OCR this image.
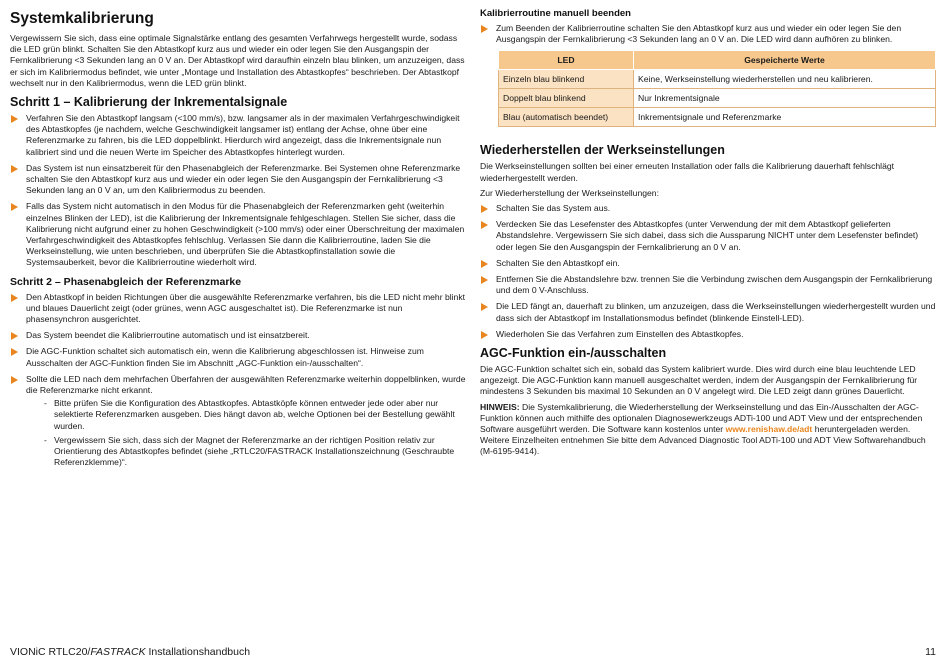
Systemkalibrierung

Vergewissern Sie sich, dass eine optimale Signalstärke entlang des gesamten Verfahrwegs hergestellt wurde, sodass die LED grün blinkt. Schalten Sie den Abtastkopf kurz aus und wieder ein oder legen Sie den Ausgangspin der Fernkalibrierung <3 Sekunden lang an 0 V an. Der Abtastkopf wird daraufhin einzeln blau blinken, um anzuzeigen, dass er sich im Kalibriermodus befindet, wie unter „Montage und Installation des Abtastkopfes“ beschrieben. Der Abtastkopf wechselt nur in den Kalibriermodus, wenn die LED grün blinkt.

Schritt 1 – Kalibrierung der Inkrementalsignale
Verfahren Sie den Abtastkopf langsam (<100 mm/s), bzw. langsamer als in der maximalen Verfahrgeschwindigkeit des Abtastkopfes (je nachdem, welche Geschwindigkeit langsamer ist) entlang der Achse, ohne über eine Referenzmarke zu fahren, bis die LED doppelblinkt. Hierdurch wird angezeigt, dass die Inkrementsignale nun kalibriert sind und die neuen Werte im Speicher des Abtastkopfes hinterlegt wurden.
Das System ist nun einsatzbereit für den Phasenabgleich der Referenzmarke. Bei Systemen ohne Referenzmarke schalten Sie den Abtastkopf kurz aus und wieder ein oder legen Sie den Ausgangspin der Fernkalibrierung <3 Sekunden lang an 0 V an, um den Kalibriermodus zu beenden.
Falls das System nicht automatisch in den Modus für die Phasenabgleich der Referenzmarken geht (weiterhin einzelnes Blinken der LED), ist die Kalibrierung der Inkrementsignale fehlgeschlagen. Stellen Sie sicher, dass die Kalibrierung nicht aufgrund einer zu hohen Geschwindigkeit (>100 mm/s) oder einer Überschreitung der maximalen Verfahrgeschwindigkeit des Abtastkopfes fehlschlug. Verlassen Sie dann die Kalibrierroutine, laden Sie die Werkseinstellung, wie unten beschrieben, und überprüfen Sie die Abtastkopfinstallation sowie die Systemsauberkeit, bevor die Kalibrierroutine wiederholt wird.
Schritt 2 – Phasenabgleich der Referenzmarke
Den Abtastkopf in beiden Richtungen über die ausgewählte Referenzmarke verfahren, bis die LED nicht mehr blinkt und blaues Dauerlicht zeigt (oder grünes, wenn AGC ausgeschaltet ist). Die Referenzmarke ist nun phasensynchron ausgerichtet.
Das System beendet die Kalibrierroutine automatisch und ist einsatzbereit.
Die AGC-Funktion schaltet sich automatisch ein, wenn die Kalibrierung abgeschlossen ist. Hinweise zum Ausschalten der AGC-Funktion finden Sie im Abschnitt „AGC-Funktion ein-/ausschalten“.
Sollte die LED nach dem mehrfachen Überfahren der ausgewählten Referenzmarke weiterhin doppelblinken, wurde die Referenzmarke nicht erkannt.
- Bitte prüfen Sie die Konfiguration des Abtastkopfes. Abtastköpfe können entweder jede oder aber nur selektierte Referenzmarken ausgeben. Dies hängt davon ab, welche Optionen bei der Bestellung gewählt wurden.
- Vergewissern Sie sich, dass sich der Magnet der Referenzmarke an der richtigen Position relativ zur Orientierung des Abtastkopfes befindet (siehe „RTLC20/FASTRACK Installationszeichnung (Geschraubte Referenzklemme)“.
Kalibrierroutine manuell beenden
Zum Beenden der Kalibrierroutine schalten Sie den Abtastkopf kurz aus und wieder ein oder legen Sie den Ausgangspin der Fernkalibrierung <3 Sekunden lang an 0 V an. Die LED wird dann aufhören zu blinken.
LED	Gespeicherte Werte
Einzeln blau blinkend	Keine, Werkseinstellung wiederherstellen und neu kalibrieren.
Doppelt blau blinkend	Nur Inkrementsignale
Blau (automatisch beendet)	Inkrementsignale und Referenzmarke
Wiederherstellen der Werkseinstellungen

Die Werkseinstellungen sollten bei einer erneuten Installation oder falls die Kalibrierung dauerhaft fehlschlägt wiederhergestellt werden.

Zur Wiederherstellung der Werkseinstellungen:

Schalten Sie das System aus.
Verdecken Sie das Lesefenster des Abtastkopfes (unter Verwendung der mit dem Abtastkopf gelieferten Abstandslehre. Vergewissern Sie sich dabei, dass sich die Aussparung NICHT unter dem Lesefenster befindet) oder legen Sie den Ausgangspin der Fernkalibrierung an 0 V an.
Schalten Sie den Abtastkopf ein.
Entfernen Sie die Abstandslehre bzw. trennen Sie die Verbindung zwischen dem Ausgangspin der Fernkalibrierung und dem 0 V-Anschluss.
Die LED fängt an, dauerhaft zu blinken, um anzuzeigen, dass die Werkseinstellungen wiederhergestellt wurden und dass sich der Abtastkopf im Installationsmodus befindet (blinkende Einstell-LED).
Wiederholen Sie das Verfahren zum Einstellen des Abtastkopfes.
AGC-Funktion ein-/ausschalten

Die AGC-Funktion schaltet sich ein, sobald das System kalibriert wurde. Dies wird durch eine blau leuchtende LED angezeigt. Die AGC-Funktion kann manuell ausgeschaltet werden, indem der Ausgangspin der Fernkalibrierung für mindestens 3 Sekunden bis maximal 10 Sekunden an 0 V angelegt wird. Die LED zeigt dann grünes Dauerlicht.

HINWEIS: Die Systemkalibrierung, die Wiederherstellung der Werkseinstellung und das Ein-/Ausschalten der AGC-Funktion können auch mithilfe des optionalen Diagnosewerkzeugs ADTi-100 und ADT View und der entsprechenden Software ausgeführt werden. Die Software kann kostenlos unter www.renishaw.de/adt heruntergeladen werden. Weitere Einzelheiten entnehmen Sie bitte dem Advanced Diagnostic Tool ADTi-100 und ADT View Softwarehandbuch (M-6195-9414).

VIONiC RTLC20/FASTRACK Installationshandbuch	11
